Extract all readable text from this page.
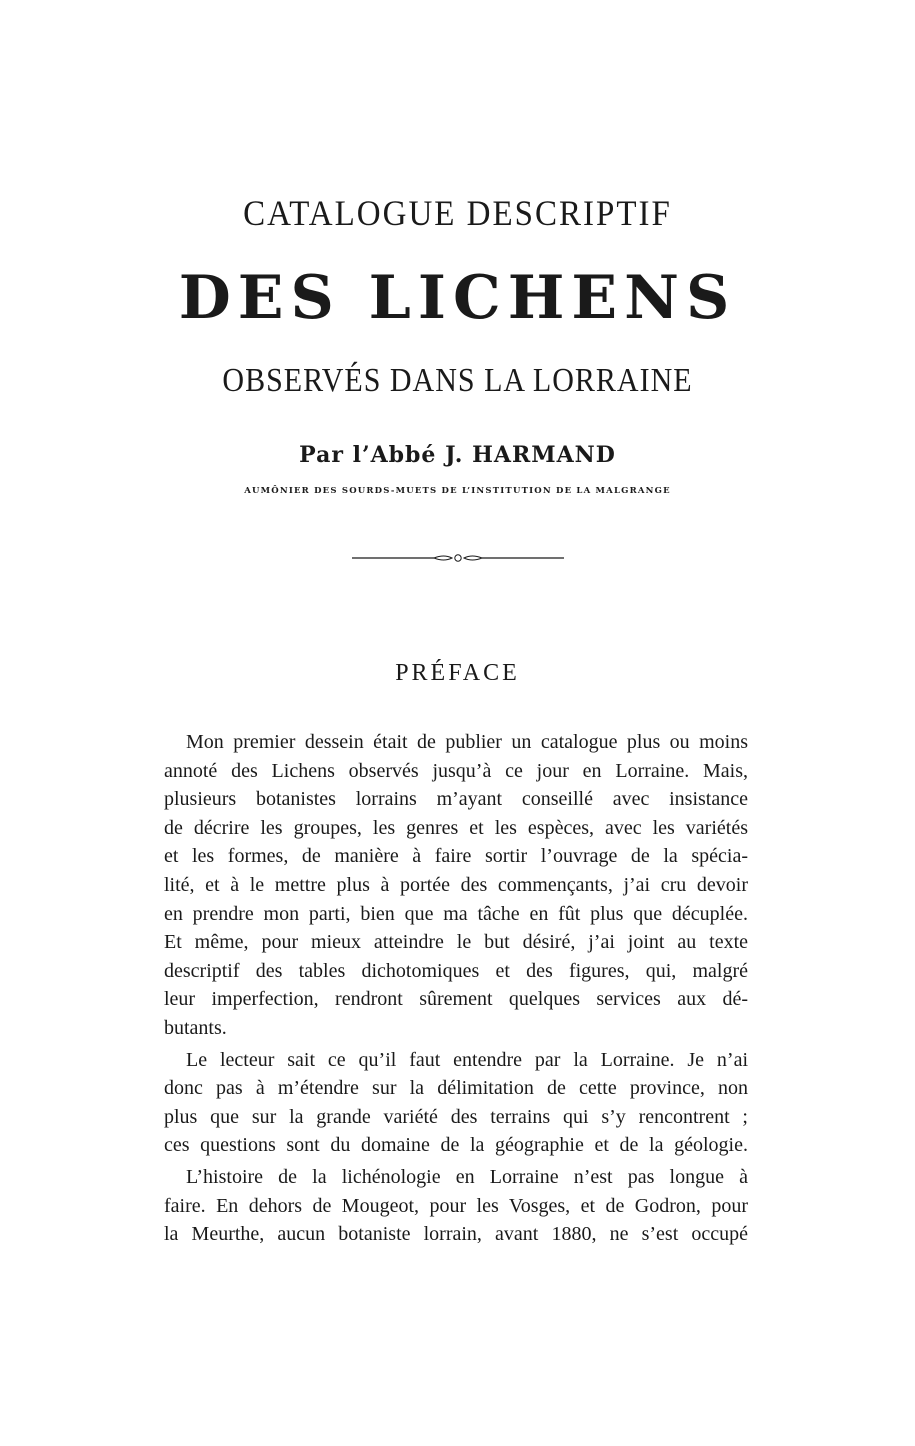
CATALOGUE DESCRIPTIF
DES LICHENS
OBSERVÉS DANS LA LORRAINE
Par l’Abbé J. HARMAND
AUMÔNIER DES SOURDS-MUETS DE L’INSTITUTION DE LA MALGRANGE
PRÉFACE

Mon premier dessein était de publier un catalogue plus ou moins
annoté des Lichens observés jusqu’à ce jour en Lorraine. Mais,
plusieurs botanistes lorrains m’ayant conseillé avec insistance
de décrire les groupes, les genres et les espèces, avec les variétés
et les formes, de manière à faire sortir l’ouvrage de la spécia-
lité, et à le mettre plus à portée des commençants, j’ai cru devoir
en prendre mon parti, bien que ma tâche en fût plus que décuplée.
Et même, pour mieux atteindre le but désiré, j’ai joint au texte
descriptif des tables dichotomiques et des figures, qui, malgré
leur imperfection, rendront sûrement quelques services aux dé-
butants.

Le lecteur sait ce qu’il faut entendre par la Lorraine. Je n’ai
donc pas à m’étendre sur la délimitation de cette province, non
plus que sur la grande variété des terrains qui s’y rencontrent ;
ces questions sont du domaine de la géographie et de la géologie.

L’histoire de la lichénologie en Lorraine n’est pas longue à
faire. En dehors de Mougeot, pour les Vosges, et de Godron, pour
la Meurthe, aucun botaniste lorrain, avant 1880, ne s’est occupé
